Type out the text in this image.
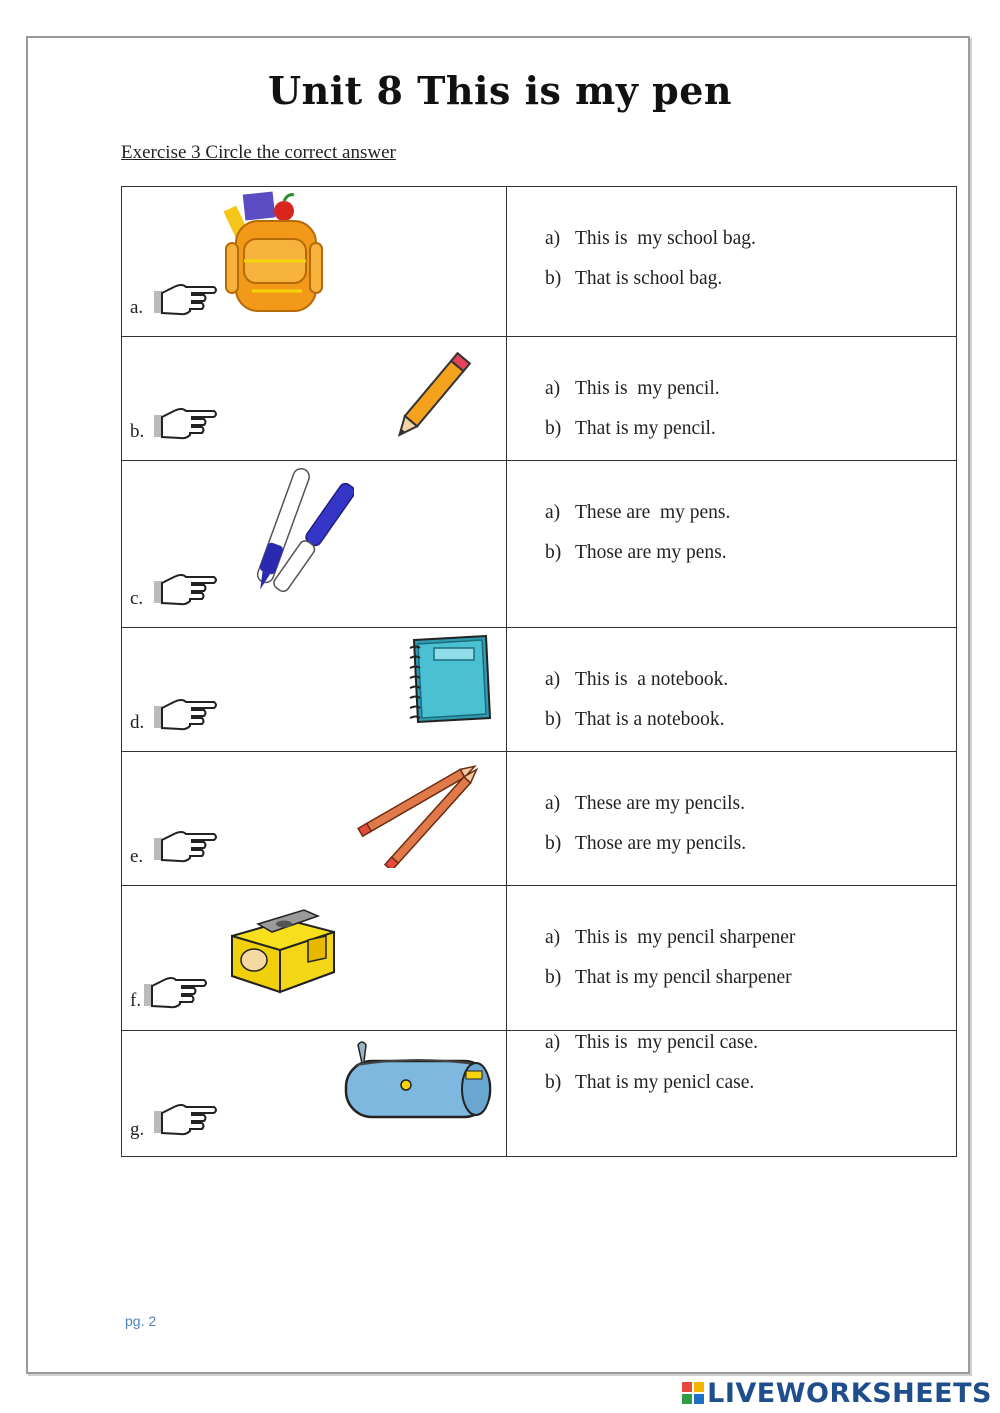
Unit 8 This is my pen
Exercise 3 Circle the correct answer
a.	a) This is  my school bag.
b) That is school bag.

b.	a) This is  my pencil.
b) That is my pencil.

c.	a) These are  my pens.
b) Those are my pens.

d.	a) This is  a notebook.
b) That is a notebook.

e.	a) These are my pencils.
b) Those are my pencils.

f.	a) This is  my pencil sharpener
b) That is my pencil sharpener

g.	a) This is  my pencil case.
b) That is my penicl case.
pg. 2
LIVEWORKSHEETS
